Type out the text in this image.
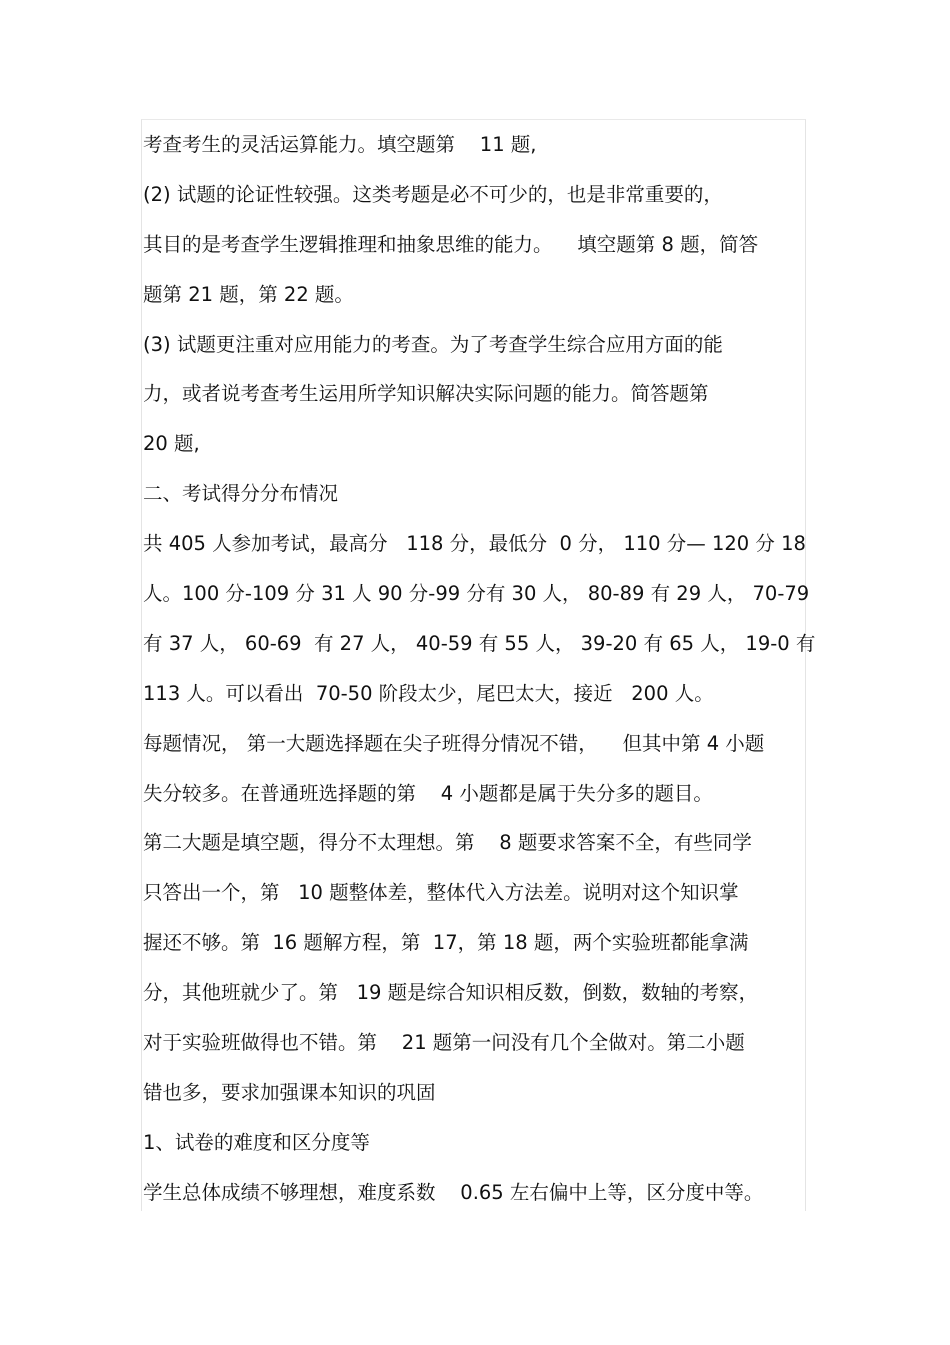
考查考生的灵活运算能力。填空题第    11 题,
(2) 试题的论证性较强。这类考题是必不可少的，也是非常重要的，
其目的是考查学生逻辑推理和抽象思维的能力。    填空题第 8 题，简答
题第 21 题，第 22 题。
(3) 试题更注重对应用能力的考查。为了考查学生综合应用方面的能
力，或者说考查考生运用所学知识解决实际问题的能力。简答题第
20 题,
二、考试得分分布情况
共 405 人参加考试，最高分   118 分，最低分  0 分， 110 分— 120 分 18
人。100 分-109 分 31 人 90 分-99 分有 30 人， 80-89 有 29 人， 70-79
有 37 人， 60-69  有 27 人， 40-59 有 55 人， 39-20 有 65 人， 19-0 有
113 人。可以看出  70-50 阶段太少，尾巴太大，接近   200 人。
每题情况， 第一大题选择题在尖子班得分情况不错，    但其中第 4 小题
失分较多。在普通班选择题的第    4 小题都是属于失分多的题目。
第二大题是填空题，得分不太理想。第    8 题要求答案不全，有些同学
只答出一个，第   10 题整体差，整体代入方法差。说明对这个知识掌
握还不够。第  16 题解方程，第  17，第 18 题，两个实验班都能拿满
分，其他班就少了。第   19 题是综合知识相反数，倒数，数轴的考察，
对于实验班做得也不错。第    21 题第一问没有几个全做对。第二小题
错也多，要求加强课本知识的巩固
1、试卷的难度和区分度等
学生总体成绩不够理想，难度系数    0.65 左右偏中上等，区分度中等。
